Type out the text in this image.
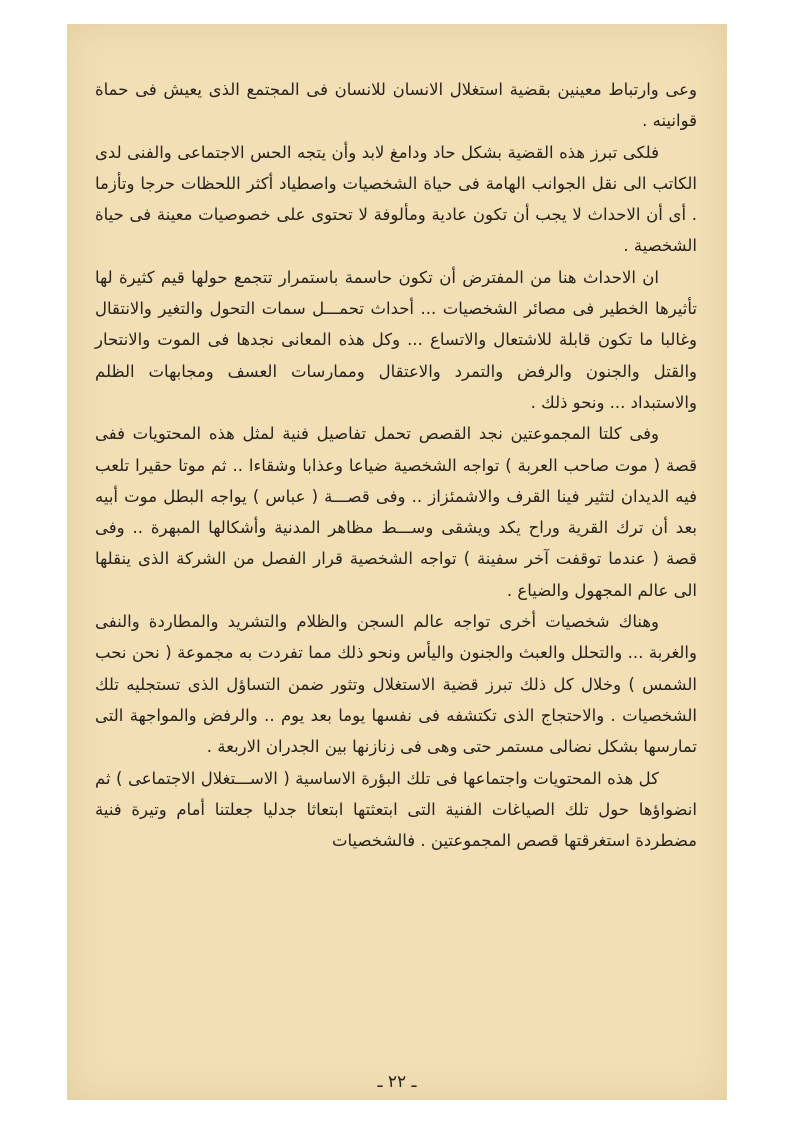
وعى وارتباط معينين بقضية استغلال الانسان للانسان فى المجتمع الذى يعيش فى حماة قوانينه .

فلكى تبرز هذه القضية بشكل حاد ودامغ لابد وأن يتجه الحس الاجتماعى والفنى لدى الكاتب الى نقل الجوانب الهامة فى حياة الشخصيات واصطياد أكثر اللحظات حرجا وتأزما . أى أن الاحداث لا يجب أن تكون عادية ومألوفة لا تحتوى على خصوصيات معينة فى حياة الشخصية .

ان الاحداث هنا من المفترض أن تكون حاسمة باستمرار تتجمع حولها قيم كثيرة لها تأثيرها الخطير فى مصائر الشخصيات ... أحداث تحمـــل سمات التحول والتغير والانتقال وغالبا ما تكون قابلة للاشتعال والاتساع ... وكل هذه المعانى نجدها فى الموت والانتحار والقتل والجنون والرفض والتمرد والاعتقال وممارسات العسف ومجابهات الظلم والاستبداد ... ونحو ذلك .

وفى كلتا المجموعتين نجد القصص تحمل تفاصيل فنية لمثل هذه المحتويات ففى قصة ( موت صاحب العربة ) تواجه الشخصية ضياعا وعذابا وشقاءا .. ثم موتا حقيرا تلعب فيه الديدان لتثير فينا القرف والاشمئزاز .. وفى قصـــة ( عباس ) يواجه البطل موت أبيه بعد أن ترك القرية وراح يكد ويشقى وســـط مظاهر المدنية وأشكالها المبهرة .. وفى قصة ( عندما توقفت آخر سفينة ) تواجه الشخصية قرار الفصل من الشركة الذى ينقلها الى عالم المجهول والضياع .

وهناك شخصيات أخرى تواجه عالم السجن والظلام والتشريد والمطاردة والنفى والغربة ... والتحلل والعبث والجنون واليأس ونحو ذلك مما تفردت به مجموعة ( نحن نحب الشمس ) وخلال كل ذلك تبرز قضية الاستغلال وتثور ضمن التساؤل الذى تستجليه تلك الشخصيات . والاحتجاج الذى تكتشفه فى نفسها يوما بعد يوم .. والرفض والمواجهة التى تمارسها بشكل نضالى مستمر حتى وهى فى زنازنها بين الجدران الاربعة .

كل هذه المحتويات واجتماعها فى تلك البؤرة الاساسية ( الاســـتغلال الاجتماعى ) ثم انضواؤها حول تلك الصياغات الفنية التى ابتعثتها ابتعاثا جدليا جعلتنا أمام وتيرة فنية مضطردة استغرقتها قصص المجموعتين . فالشخصيات

ـ ٢٢ ـ
